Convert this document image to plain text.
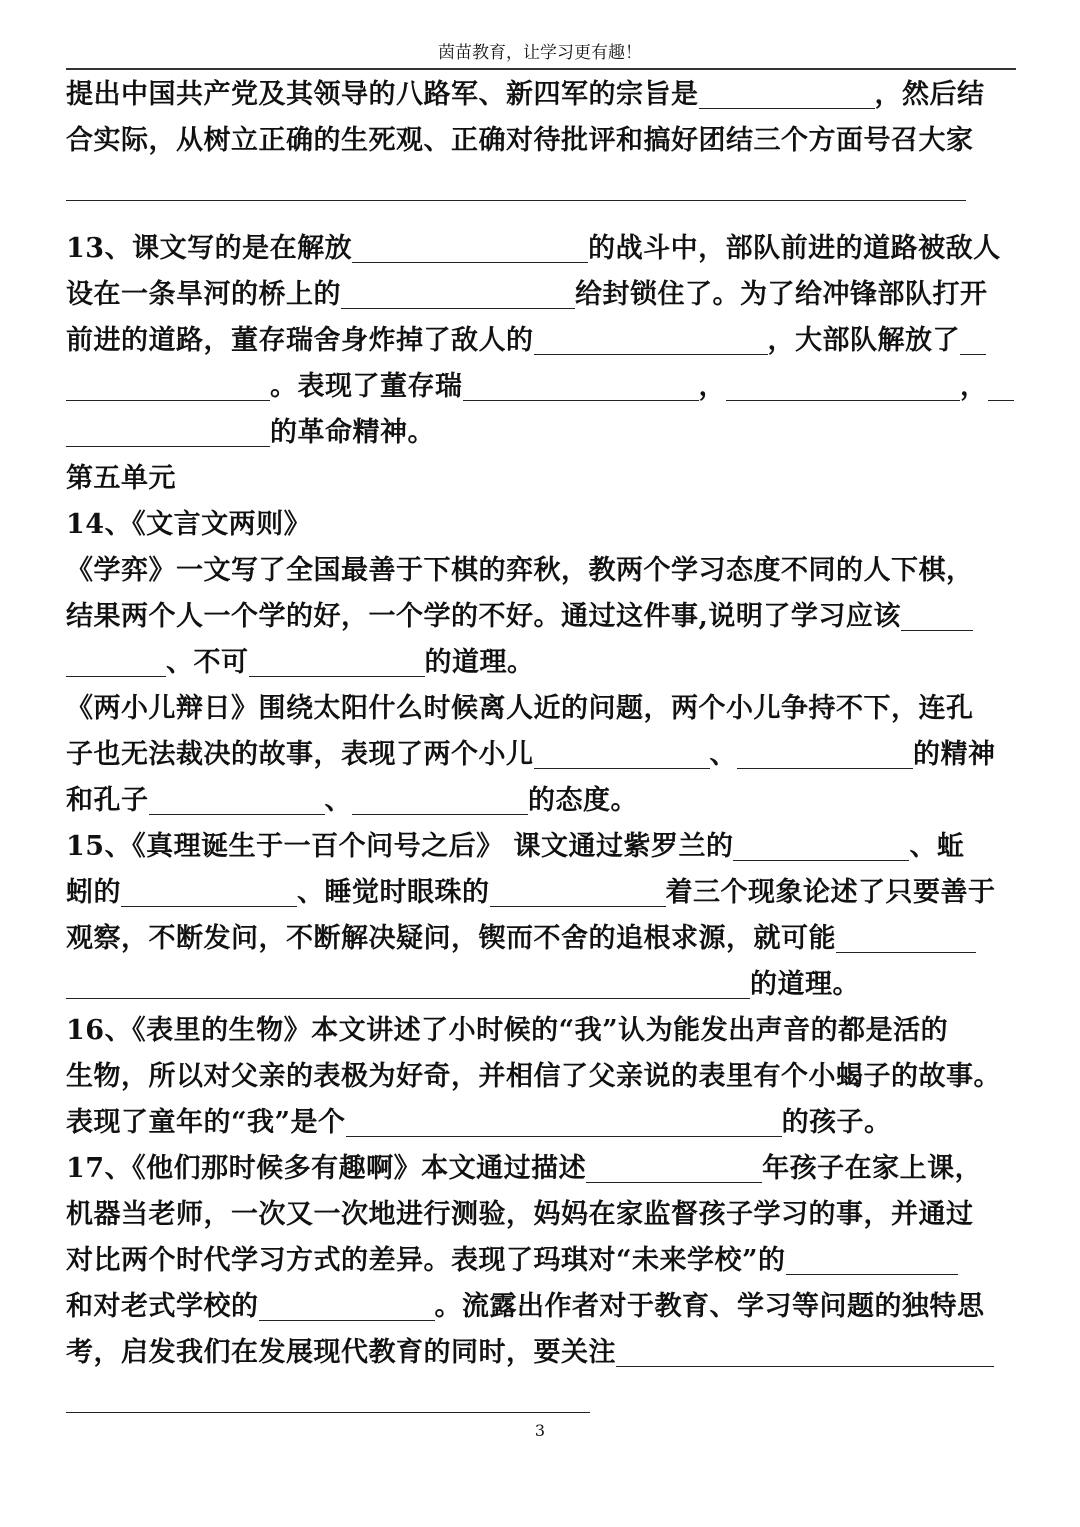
茵苗教育，让学习更有趣！
提出中国共产党及其领导的八路军、新四军的宗旨是	，然后结
合实际，从树立正确的生死观、正确对待批评和搞好团结三个方面号召大家
13、课文写的是在解放	的战斗中，部队前进的道路被敌人
设在一条旱河的桥上的	给封锁住了。为了给冲锋部队打开
前进的道路，董存瑞舍身炸掉了敌人的	，大部队解放了
。表现了董存瑞	，	，
的革命精神。
第五单元
14、《文言文两则》
《学弈》一文写了全国最善于下棋的弈秋，教两个学习态度不同的人下棋，
结果两个人一个学的好，一个学的不好。通过这件事,说明了学习应该
、不可	的道理。
《两小儿辩日》围绕太阳什么时候离人近的问题，两个小儿争持不下，连孔
子也无法裁决的故事，表现了两个小儿	、	的精神
和孔子	、	的态度。
15、《真理诞生于一百个问号之后》 课文通过紫罗兰的	、蚯
蚓的	、睡觉时眼珠的	着三个现象论述了只要善于
观察，不断发问，不断解决疑问，锲而不舍的追根求源，就可能
的道理。
16、《表里的生物》本文讲述了小时候的“我”认为能发出声音的都是活的
生物，所以对父亲的表极为好奇，并相信了父亲说的表里有个小蝎子的故事。
表现了童年的“我”是个	的孩子。
17、《他们那时候多有趣啊》本文通过描述	年孩子在家上课，
机器当老师，一次又一次地进行测验，妈妈在家监督孩子学习的事，并通过
对比两个时代学习方式的差异。表现了玛琪对“未来学校”的
和对老式学校的	。流露出作者对于教育、学习等问题的独特思
考，启发我们在发展现代教育的同时，要关注
3
